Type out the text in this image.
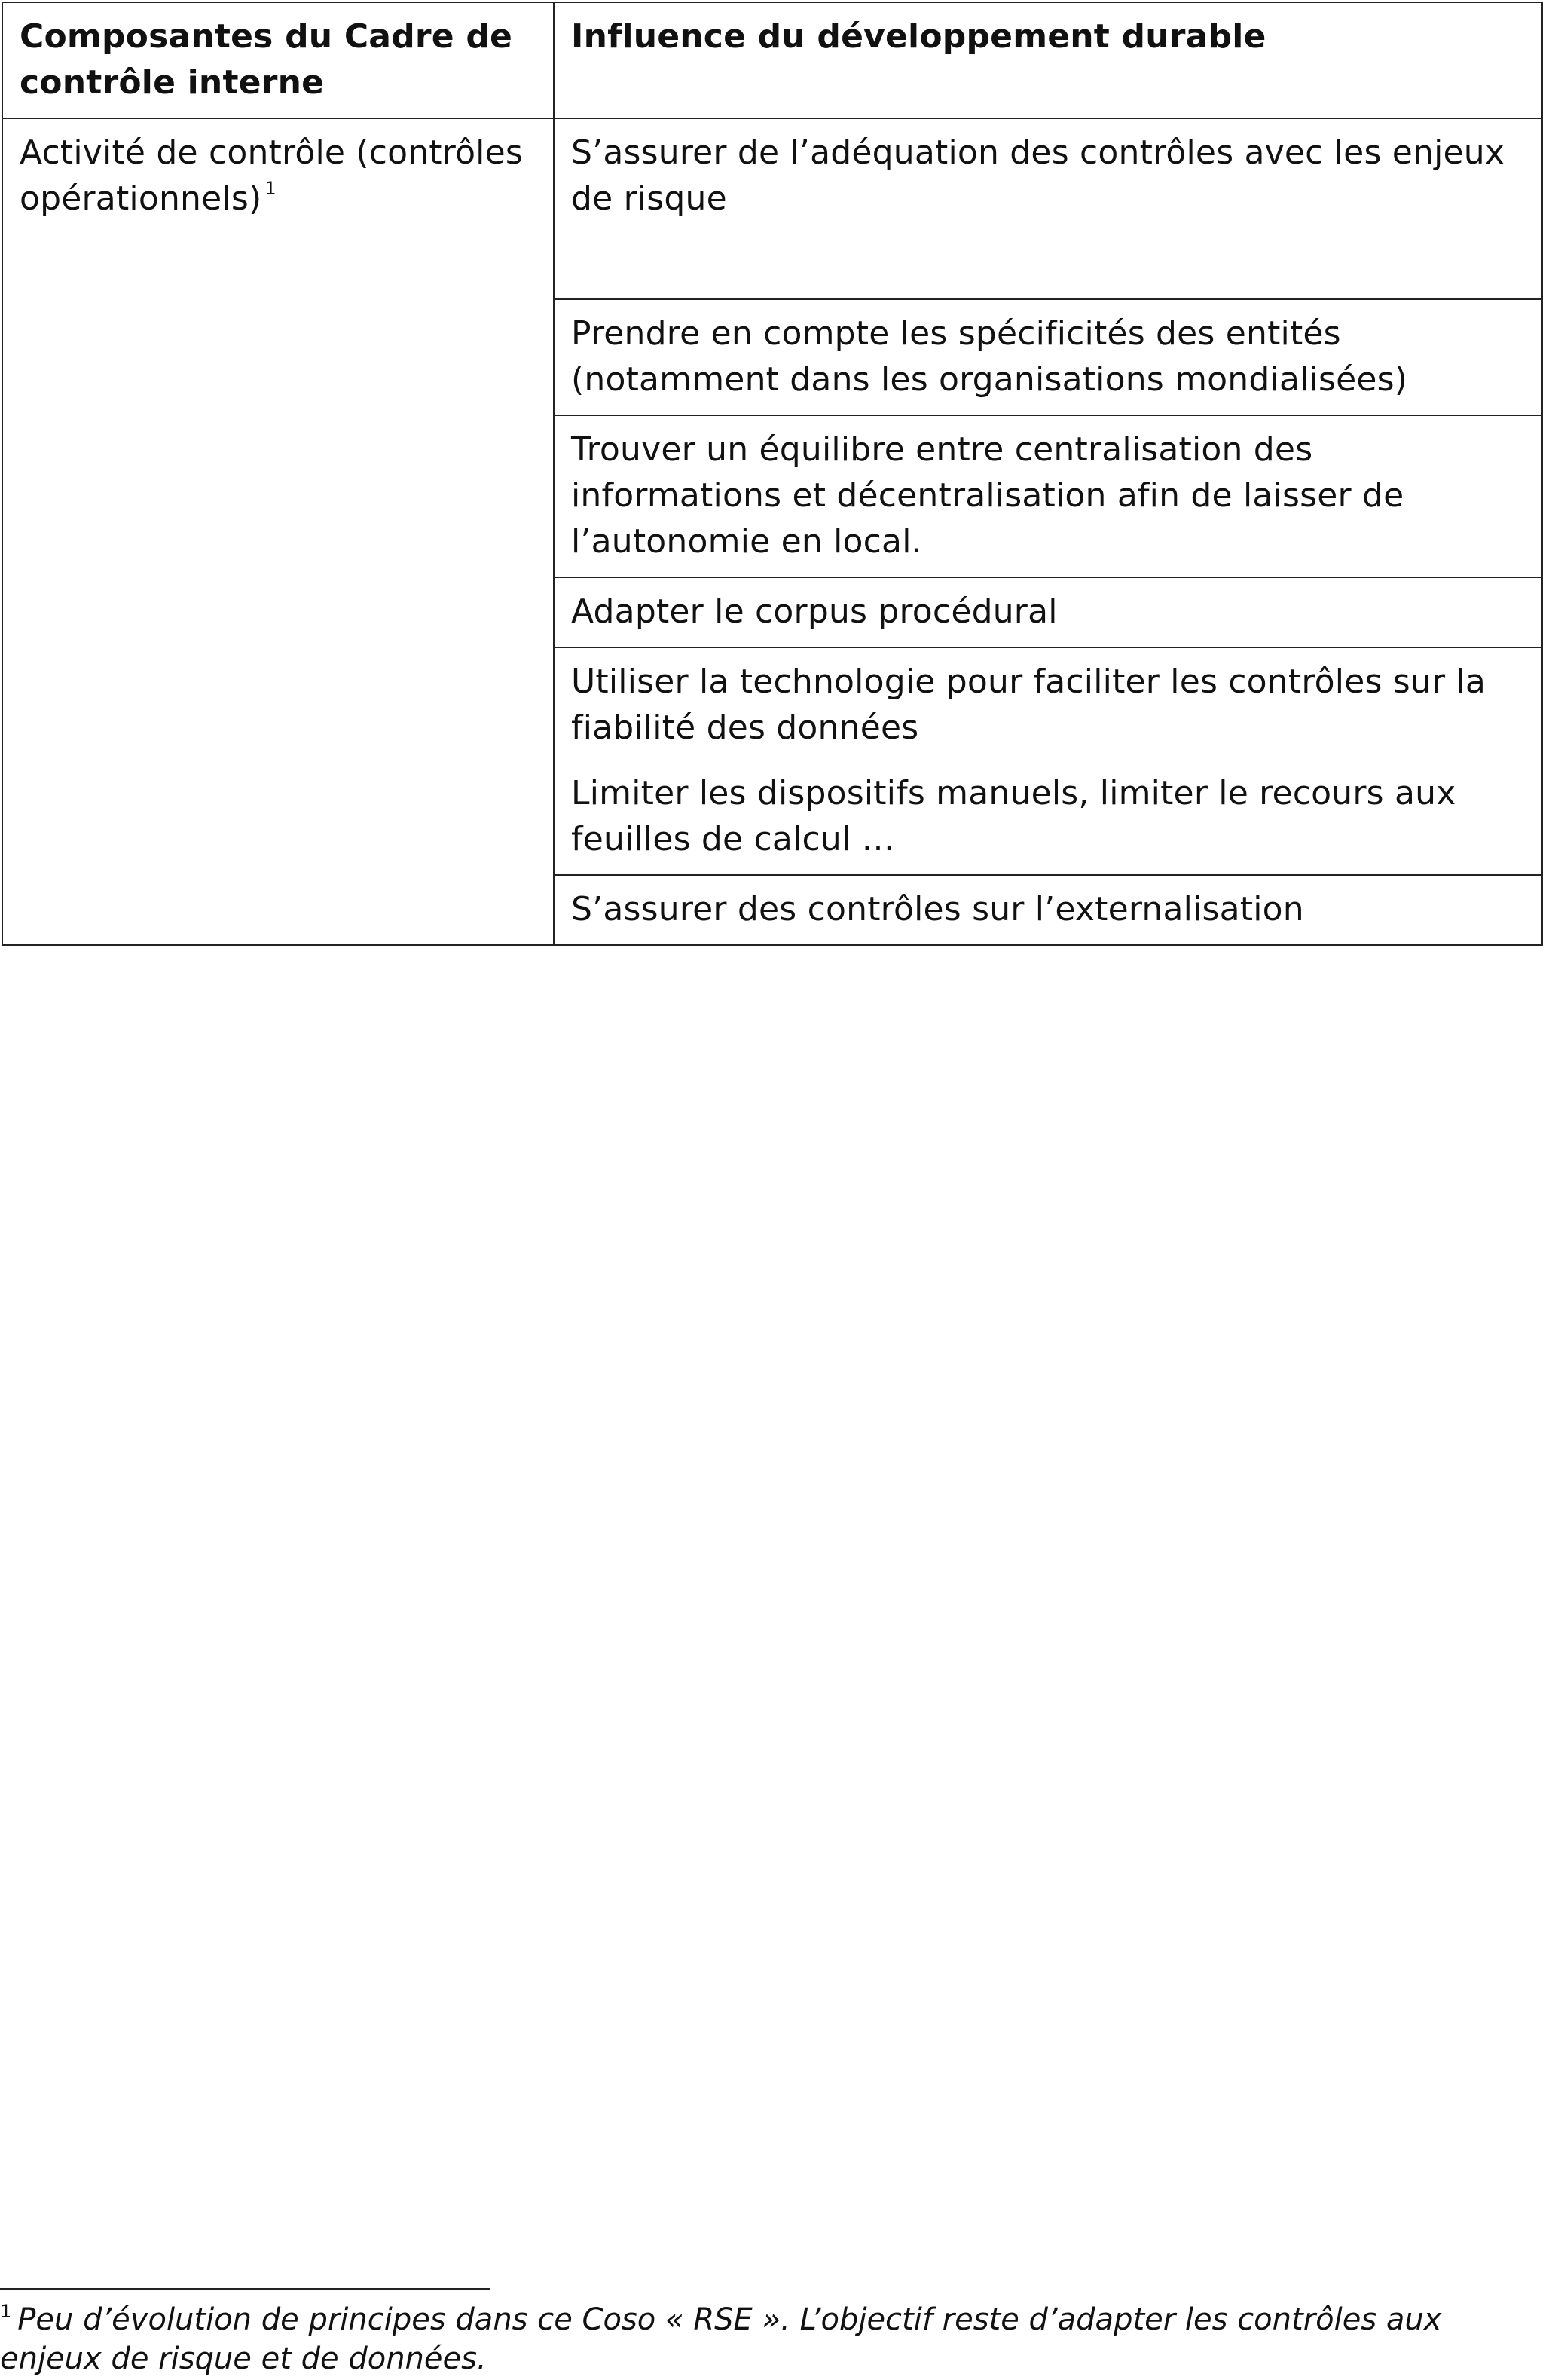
Composantes du Cadre de contrôle interne	Influence du développement durable
Activité de contrôle (contrôles opérationnels) $^1$	S’assurer de l’adéquation des contrôles avec les enjeux de risque

	Prendre en compte les spécificités des entités (notamment dans les organisations mondialisées)

	Trouver un équilibre entre centralisation des informations et décentralisation afin de laisser de l’autonomie en local.

	Adapter le corpus procédural

	Utiliser la technologie pour faciliter les contrôles sur la fiabilité des données
Limiter les dispositifs manuels, limiter le recours aux feuilles de calcul …

	S’assurer des contrôles sur l’externalisation
$^1$ Peu d’évolution de principes dans ce Coso « RSE ». L’objectif reste d’adapter les contrôles aux enjeux de risque et de données.
